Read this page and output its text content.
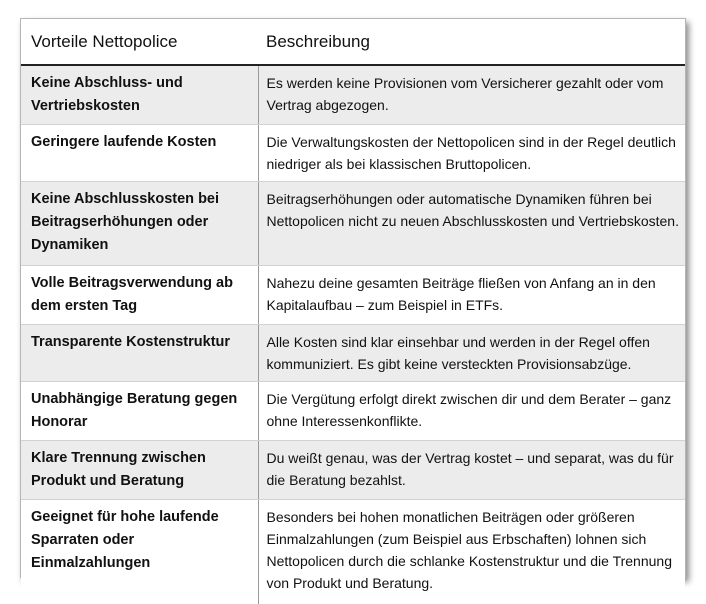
Vorteile Nettopolice	Beschreibung
Keine Abschluss- und Vertriebskosten	Es werden keine Provisionen vom Versicherer gezahlt oder vom Vertrag abgezogen.
Geringere laufende Kosten	Die Verwaltungskosten der Nettopolicen sind in der Regel deutlich niedriger als bei klassischen Bruttopolicen.
Keine Abschlusskosten bei Beitragserhöhungen oder Dynamiken	Beitragserhöhungen oder automatische Dynamiken führen bei Nettopolicen nicht zu neuen Abschlusskosten und Vertriebskosten.
Volle Beitragsverwendung ab dem ersten Tag	Nahezu deine gesamten Beiträge fließen von Anfang an in den Kapitalaufbau – zum Beispiel in ETFs.
Transparente Kostenstruktur	Alle Kosten sind klar einsehbar und werden in der Regel offen kommuniziert. Es gibt keine versteckten Provisionsabzüge.
Unabhängige Beratung gegen Honorar	Die Vergütung erfolgt direkt zwischen dir und dem Berater – ganz ohne Interessenkonflikte.
Klare Trennung zwischen Produkt und Beratung	Du weißt genau, was der Vertrag kostet – und separat, was du für die Beratung bezahlst.
Geeignet für hohe laufende Sparraten oder Einmalzahlungen	Besonders bei hohen monatlichen Beiträgen oder größeren Einmalzahlungen (zum Beispiel aus Erbschaften) lohnen sich Nettopolicen durch die schlanke Kostenstruktur und die Trennung von Produkt und Beratung.
